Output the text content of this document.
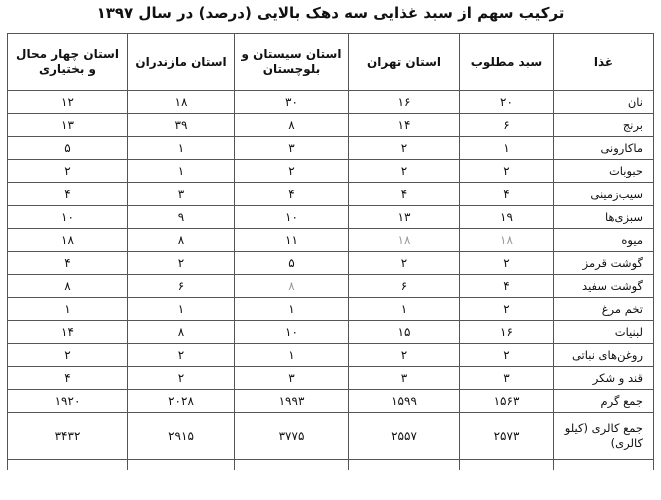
ترکیب سهم از سبد غذایی سه دهک بالایی (درصد) در سال ۱۳۹۷
غذا	سبد مطلوب	استان تهران	استان سیستان و بلوچستان	استان مازندران	استان چهار محال و بختیاری
نان	۲۰	۱۶	۳۰	۱۸	۱۲
برنج	۶	۱۴	۸	۳۹	۱۳
ماکارونی	۱	۲	۳	۱	۵
حبوبات	۲	۲	۲	۱	۲
سیب‌زمینی	۴	۴	۴	۳	۴
سبزی‌ها	۱۹	۱۳	۱۰	۹	۱۰
میوه	۱۸	۱۸	۱۱	۸	۱۸
گوشت قرمز	۲	۲	۵	۲	۴
گوشت سفید	۴	۶	۸	۶	۸
تخم مرغ	۲	۱	۱	۱	۱
لبنیات	۱۶	۱۵	۱۰	۸	۱۴
روغن‌های نباتی	۲	۲	۱	۲	۲
قند و شکر	۳	۳	۳	۲	۴
جمع گرم	۱۵۶۳	۱۵۹۹	۱۹۹۳	۲۰۲۸	۱۹۲۰
جمع کالری (کیلو کالری)	۲۵۷۳	۲۵۵۷	۳۷۷۵	۲۹۱۵	۳۴۳۲
